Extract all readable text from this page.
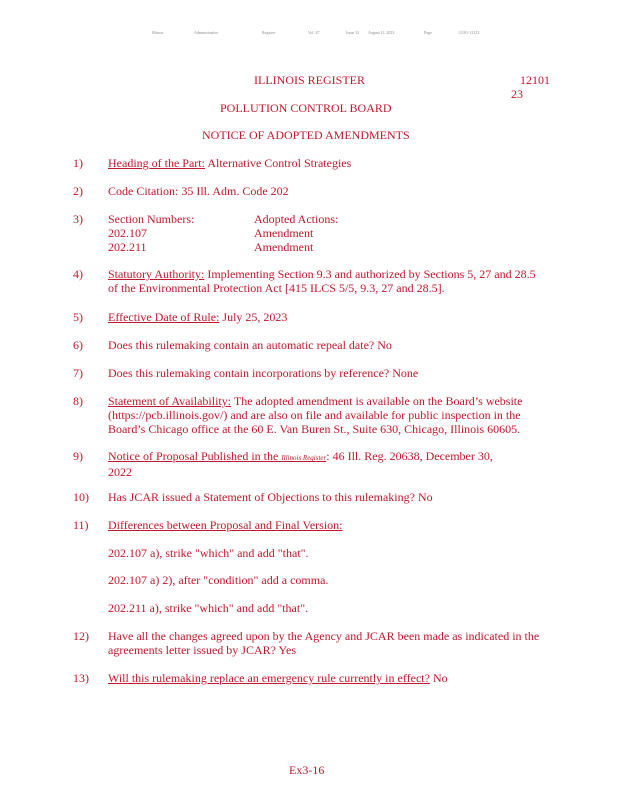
Illinois	Administrative	Register	Vol. 47	Issue 32 August 11, 2023	Page	12101-12123
ILLINOIS REGISTER	12101
23
POLLUTION CONTROL BOARD
NOTICE OF ADOPTED AMENDMENTS
1) Heading of the Part: Alternative Control Strategies
2) Code Citation: 35 Ill. Adm. Code 202
3) Section Numbers:	Adopted Actions:
202.107	Amendment
202.211	Amendment
4) Statutory Authority: Implementing Section 9.3 and authorized by Sections 5, 27 and 28.5
of the Environmental Protection Act [415 ILCS 5/5, 9.3, 27 and 28.5].
5) Effective Date of Rule: July 25, 2023
6) Does this rulemaking contain an automatic repeal date? No
7) Does this rulemaking contain incorporations by reference? None
8) Statement of Availability: The adopted amendment is available on the Board’s website
(https://pcb.illinois.gov/) and are also on file and available for public inspection in the
Board’s Chicago office at the 60 E. Van Buren St., Suite 630, Chicago, Illinois 60605.
9) Notice of Proposal Published in the Illinois Register: 46 Ill. Reg. 20638, December 30,
2022
10) Has JCAR issued a Statement of Objections to this rulemaking? No
11) Differences between Proposal and Final Version:
202.107 a), strike "which" and add "that".
202.107 a) 2), after "condition" add a comma.
202.211 a), strike "which" and add "that".
12) Have all the changes agreed upon by the Agency and JCAR been made as indicated in the
agreements letter issued by JCAR? Yes
13) Will this rulemaking replace an emergency rule currently in effect? No
Ex3-16
